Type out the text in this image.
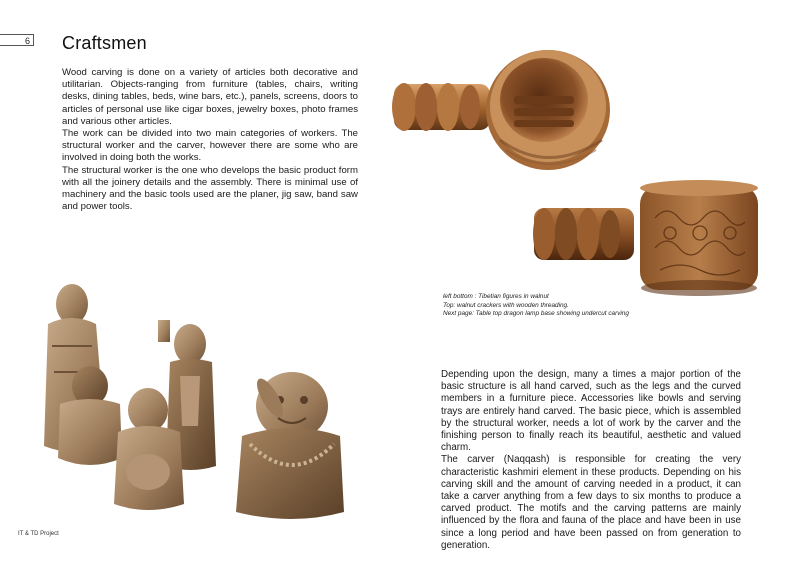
6 Craftsmen

Wood carving is done on a variety of articles both decorative and utilitarian. Objects-ranging from furniture (tables, chairs, writing desks, dining tables, beds, wine bars, etc.), panels, screens, doors to articles of personal use like cigar boxes, jewelry boxes, photo frames and various other articles.

The work can be divided into two main categories of workers. The structural worker and the carver, however there are some who are involved in doing both the works.

The structural worker is the one who develops the basic product form with all the joinery details and the assembly. There is minimal use of machinery and the basic tools used are the planer, jig saw, band saw and power tools.

left bottom : Tibetian figures in walnut
Top: walnut crackers with wooden threading.
Next page: Table top dragon lamp base showing undercut carving

Depending upon the design, many a times a major portion of the basic structure is all hand carved, such as the legs and the curved members in a furniture piece. Accessories like bowls and serving trays are entirely hand carved. The basic piece, which is assembled by the structural worker, needs a lot of work by the carver and the finishing person to finally reach its beautiful, aesthetic and valued charm.

The carver (Naqqash) is responsible for creating the very characteristic kashmiri element in these products. Depending on his carving skill and the amount of carving needed in a product, it can take a carver anything from a few days to six months to produce a carved product. The motifs and the carving patterns are mainly influenced by the flora and fauna of the place and have been in use since a long period and have been passed on from generation to generation.

IT & TD Project
